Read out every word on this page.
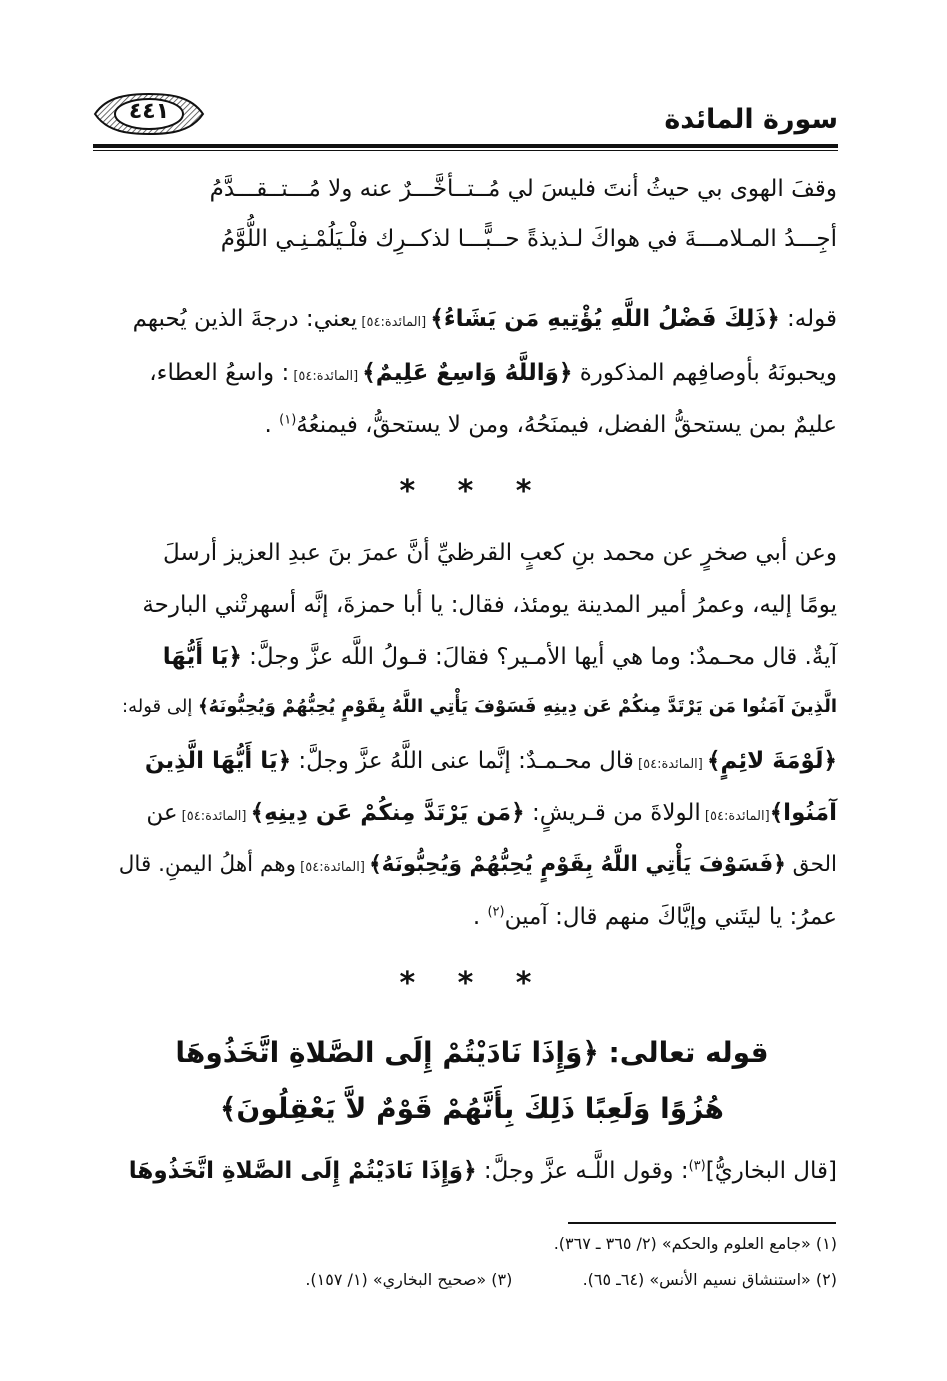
سورة المائدة
٤٤١
وقفَ الهوى بي حيثُ أنتَ فليسَ لي مُــتــأخَّـــرٌ عنه ولا مُـــتــقـــدَّمُ
أجِـــدُ المـلامـــةَ في هواكَ لـذيذةً حــبًّـــا لذكــرِك فلْـيَلُمْـنِـي اللُّوَّمُ
قوله: ﴿ذَلِكَ فَضْلُ اللَّهِ يُؤْتِيهِ مَن يَشَاءُ﴾ [المائدة:٥٤] يعني: درجةَ الذين يُحبهم
ويحبونَهُ بأوصافِهم المذكورة ﴿وَاللَّهُ وَاسِعٌ عَلِيمٌ﴾ [المائدة:٥٤] : واسعُ العطاء،
عليمٌ بمن يستحقُّ الفضل، فيمنَحُهُ، ومن لا يستحقُّ، فيمنعُهُ$^{(١)}$ .
* * *
وعن أبي صخرٍ عن محمد بنِ كعبٍ القرظيِّ أنَّ عمرَ بنَ عبدِ العزيز أرسلَ
يومًا إليه، وعمرُ أمير المدينة يومئذ، فقال: يا أبا حمزةَ، إنَّه أسهرتْني البارحة
آيةٌ. قال محـمدٌ: وما هي أيها الأمـير؟ فقالَ: قـولُ اللَّه عزَّ وجلَّ: ﴿يَا أَيُّهَا
الَّذِينَ آمَنُوا مَن يَرْتَدَّ مِنكُمْ عَن دِينِهِ فَسَوْفَ يَأْتِي اللَّهُ بِقَوْمٍ يُحِبُّهُمْ وَيُحِبُّونَهُ﴾ إلى قوله:
﴿لَوْمَةَ لائِمٍ﴾ [المائدة:٥٤] قال محـمـدٌ: إنَّما عنى اللَّهُ عزَّ وجلَّ: ﴿يَا أَيُّهَا الَّذِينَ
آمَنُوا﴾[المائدة:٥٤] الولاةَ من قـريشٍ: ﴿مَن يَرْتَدَّ مِنكُمْ عَن دِينِهِ﴾ [المائدة:٥٤] عن
الحق ﴿فَسَوْفَ يَأْتِي اللَّهُ بِقَوْمٍ يُحِبُّهُمْ وَيُحِبُّونَهُ﴾ [المائدة:٥٤] وهم أهلُ اليمنِ. قال
عمرُ: يا ليتَني وإيَّاكَ منهم قال: آمين$^{(٢)}$ .
* * *
قوله تعالى: ﴿وَإِذَا نَادَيْتُمْ إِلَى الصَّلاةِ اتَّخَذُوهَا
هُزُوًا وَلَعِبًا ذَلِكَ بِأَنَّهُمْ قَوْمٌ لاَّ يَعْقِلُونَ﴾
[قال البخاريُّ]$^{(٣)}$: وقول اللَّـه عزَّ وجلَّ: ﴿وَإِذَا نَادَيْتُمْ إِلَى الصَّلاةِ اتَّخَذُوهَا
(١) «جامع العلوم والحكم» (٢/ ٣٦٥ ـ ٣٦٧).
(٢) «استنشاق نسيم الأنس» (٦٤ـ ٦٥).  (٣) «صحيح البخاري» (١/ ١٥٧).
